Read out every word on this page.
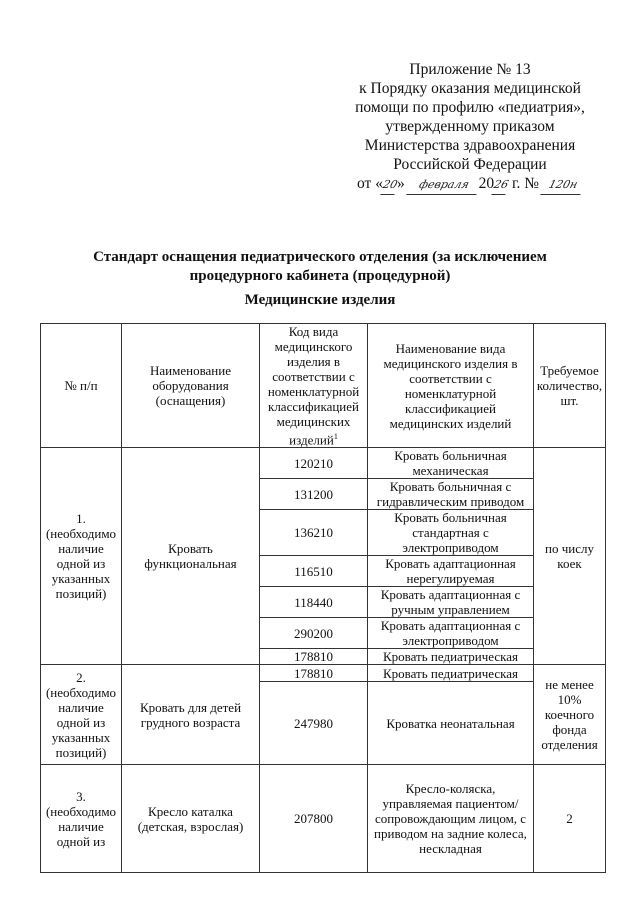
Приложение № 13
к Порядку оказания медицинской
помощи по профилю «педиатрия»,
утвержденному приказом
Министерства здравоохранения
Российской Федерации
от «20» февраля 2026 г. № 120н
Стандарт оснащения педиатрического отделения (за исключением процедурного кабинета (процедурной)
Медицинские изделия
№ п/п	Наименование оборудования (оснащения)	Код вида медицинского изделия в соответствии с номенклатурной классификацией медицинских изделий$^1$	Наименование вида медицинского изделия в соответствии с номенклатурной классификацией медицинских изделий	Требуемое количество, шт.
1. (необходимо наличие одной из указанных позиций)	Кровать функциональная	120210	Кровать больничная механическая	по числу коек
		131200	Кровать больничная с гидравлическим приводом	
		136210	Кровать больничная стандартная с электроприводом	
		116510	Кровать адаптационная нерегулируемая	
		118440	Кровать адаптационная с ручным управлением	
		290200	Кровать адаптационная с электроприводом	
		178810	Кровать педиатрическая	
2. (необходимо наличие одной из указанных позиций)	Кровать для детей грудного возраста	178810	Кровать педиатрическая	не менее 10% коечного фонда отделения
		247980	Кроватка неонатальная	
3. (необходимо наличие одной из	Кресло каталка (детская, взрослая)	207800	Кресло-коляска, управляемая пациентом/ сопровождающим лицом, с приводом на задние колеса, нескладная	2
